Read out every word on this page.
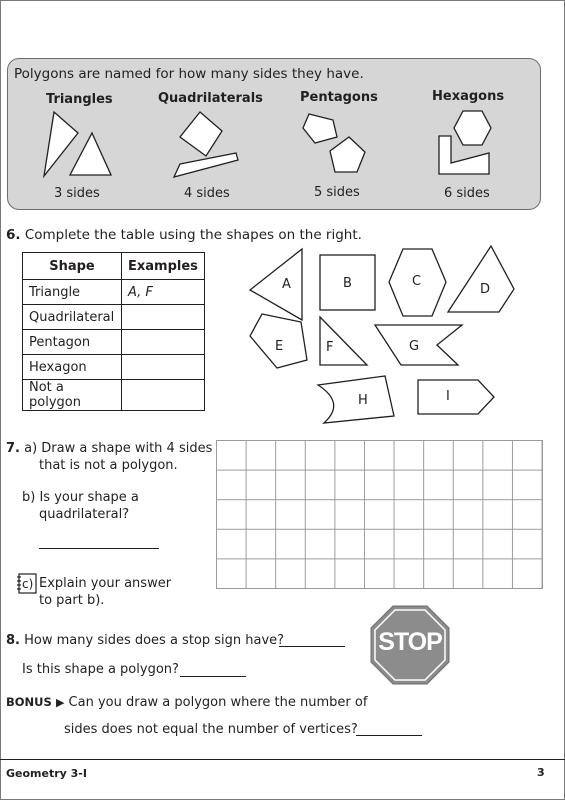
Polygons are named for how many sides they have.
Triangles	Quadrilaterals	Pentagons	Hexagons
3 sides	4 sides	5 sides	6 sides
6. Complete the table using the shapes on the right.
Shape	Examples
Triangle	A, F
Quadrilateral	
Pentagon	
Hexagon	
Not a polygon	
A	B	C
D
E	F	G
H	I
7. a) Draw a shape with 4 sides
that is not a polygon.
b) Is your shape a
quadrilateral?
c) Explain your answer
to part b).
8. How many sides does a stop sign have?
Is this shape a polygon?
STOP
BONUS ▶ Can you draw a polygon where the number of
sides does not equal the number of vertices?
Geometry 3-I	3
